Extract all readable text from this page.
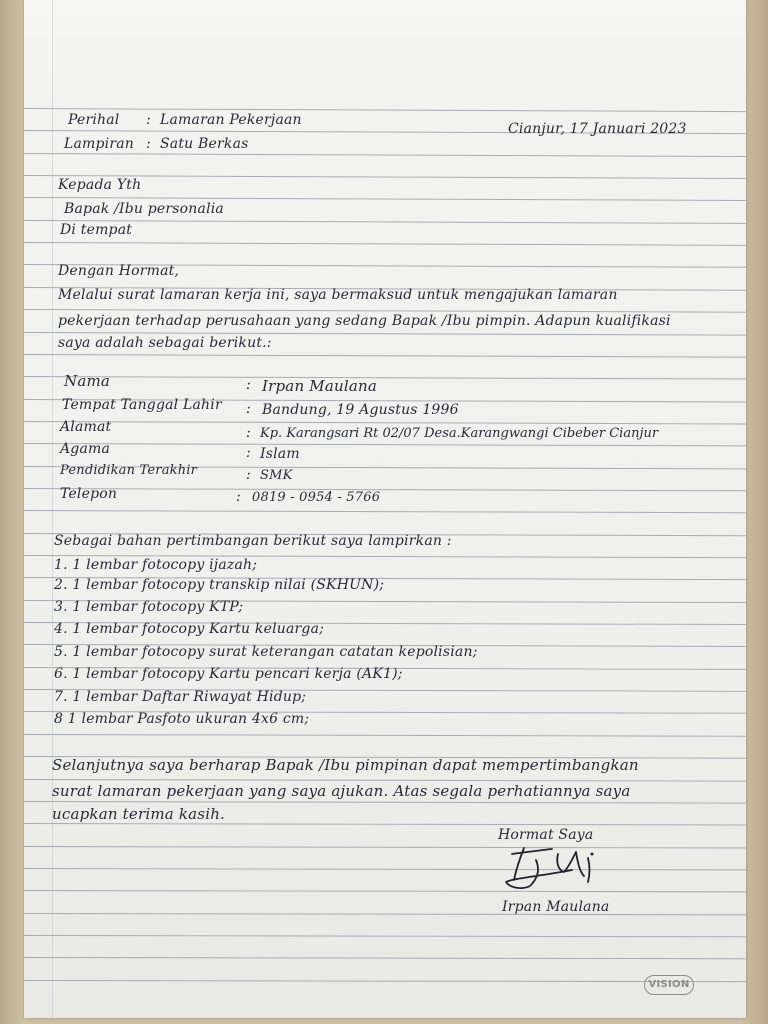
Perihal : Lamaran Pekerjaan
Cianjur, 17 Januari 2023
Lampiran : Satu Berkas
Kepada Yth
Bapak /Ibu personalia
Di tempat
Dengan Hormat,
Melalui surat lamaran kerja ini, saya bermaksud untuk mengajukan lamaran
pekerjaan terhadap perusahaan yang sedang Bapak /Ibu pimpin. Adapun kualifikasi
saya adalah sebagai berikut.:
Nama	: Irpan Maulana
Tempat Tanggal Lahir : Bandung, 19 Agustus 1996
Alamat	: Kp. Karangsari Rt 02/07 Desa.Karangwangi Cibeber Cianjur
Agama	: Islam
Pendidikan Terakhir	: SMK
Telepon	: 0819 - 0954 - 5766
Sebagai bahan pertimbangan berikut saya lampirkan :
1. 1 lembar fotocopy ijazah;
2. 1 lembar fotocopy transkip nilai (SKHUN);
3. 1 lembar fotocopy KTP;
4. 1 lembar fotocopy Kartu keluarga;
5. 1 lembar fotocopy surat keterangan catatan kepolisian;
6. 1 lembar fotocopy Kartu pencari kerja (AK1);
7. 1 lembar Daftar Riwayat Hidup;
8 1 lembar Pasfoto ukuran 4x6 cm;
Selanjutnya saya berharap Bapak /Ibu pimpinan dapat mempertimbangkan
surat lamaran pekerjaan yang saya ajukan. Atas segala perhatiannya saya
ucapkan terima kasih.
Hormat Saya
Irpan Maulana
VISION
